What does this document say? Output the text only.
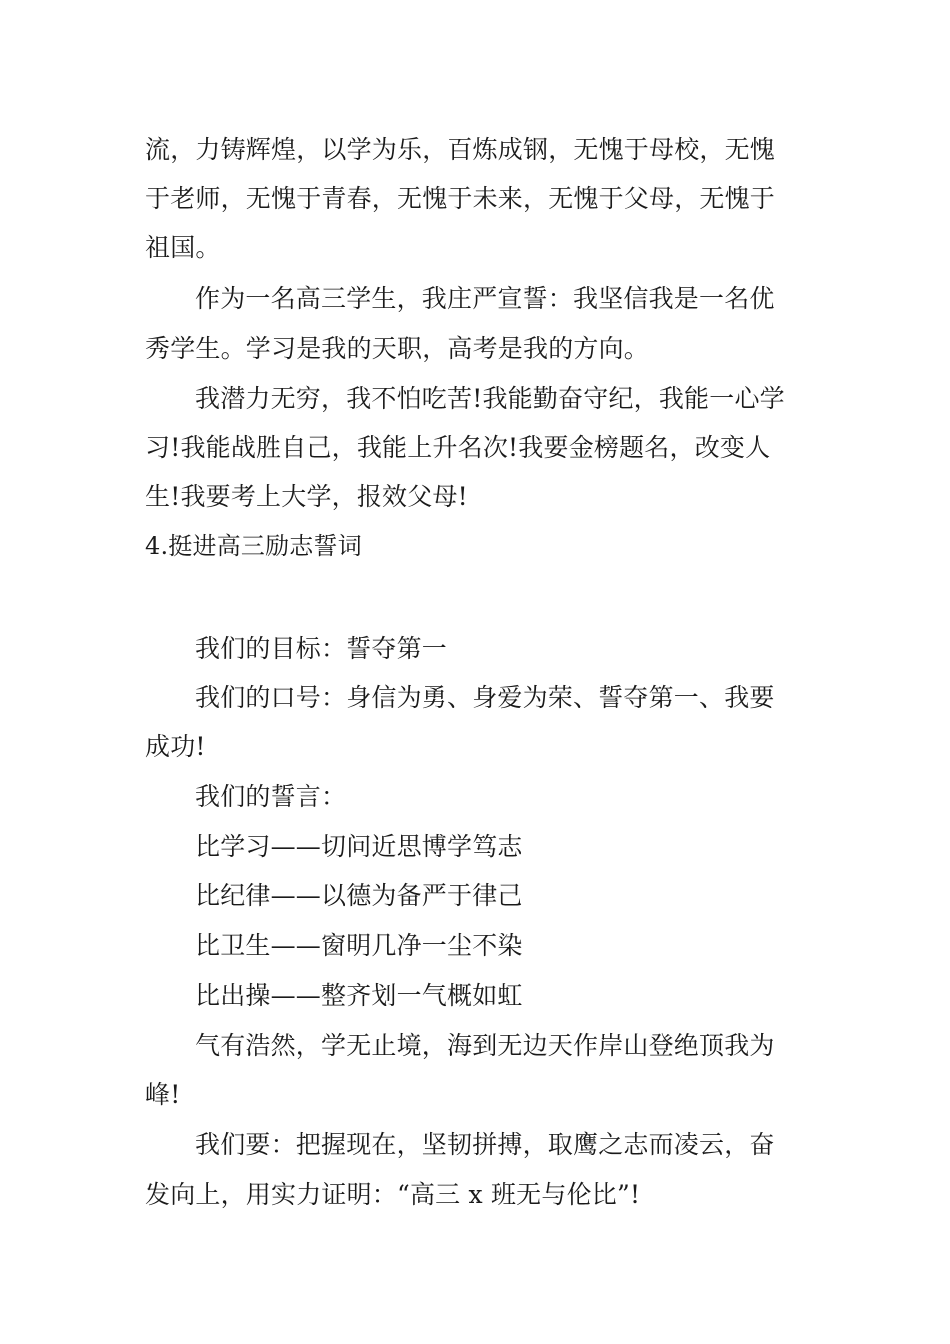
流，力铸辉煌，以学为乐，百炼成钢，无愧于母校，无愧
于老师，无愧于青春，无愧于未来，无愧于父母，无愧于
祖国。
作为一名高三学生，我庄严宣誓：我坚信我是一名优
秀学生。学习是我的天职，高考是我的方向。
我潜力无穷，我不怕吃苦!我能勤奋守纪，我能一心学
习!我能战胜自己，我能上升名次!我要金榜题名，改变人
生!我要考上大学，报效父母!
4.挺进高三励志誓词
我们的目标：誓夺第一
我们的口号：身信为勇、身爱为荣、誓夺第一、我要
成功!
我们的誓言：
比学习——切问近思博学笃志
比纪律——以德为备严于律己
比卫生——窗明几净一尘不染
比出操——整齐划一气概如虹
气有浩然，学无止境，海到无边天作岸山登绝顶我为
峰!
我们要：把握现在，坚韧拼搏，取鹰之志而凌云，奋
发向上，用实力证明：“高三 x 班无与伦比”!
